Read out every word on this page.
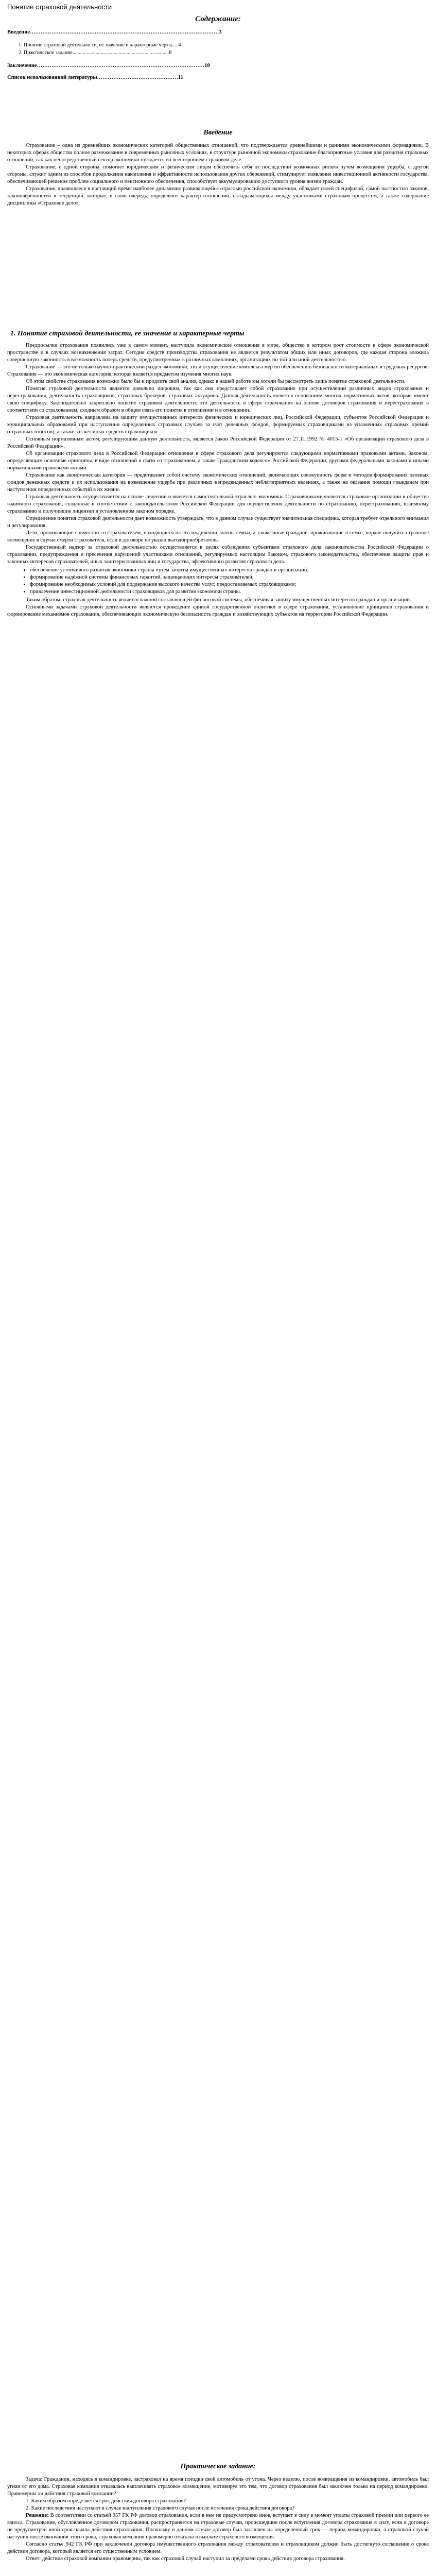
Понятие страховой деятельности
Содержание:

Введение……………………………………………………………………………………………3

1. Понятие страховой деятельности, ее значение и характерные черты.....4

2. Практическое задание...........................................................................8

Заключение…………………………………………………………………………………10

Список использованной литературы………………………………………11

Введение

Страхование – одна из древнейших экономических категорий общественных отношений, что подтверждается древнейшими и ранними экономическими формациями. В некоторых сферах общества полное размежевание в современных рыночных условиях, в структуре рыночной экономики страхование благоприятные условия для развития страховых отношений, так как непосредственный сектор экономики нуждается во всестороннем страховом деле.

Страхование, с одной стороны, помогает юридическим и физическим лицам обеспечить себя от последствий возможных рисков путем возмещения ущерба; с другой стороны, служит одним из способов продолжения накопления и эффективности использования других сбережений, стимулирует появление инвестиционной активности государства, обеспечивающей решение проблем социального и пенсионного обеспечения, способствует аккумулированию доступного уровня жизни граждан.

Страхование, являющееся в настоящий время наиболее динамично развивающейся отраслью российской экономики, обладает своей спецификой, самой частностью законов, законоверенностей и тенденций, которые, в свою очередь, определяют характер отношений, складывающихся между участниками страховым процессом, а также содержание дисциплины «Страховое дело».

1. Понятие страховой деятельности, ее значение и характерные черты

Предпосылки страхования появились уже в самом момент, наступила экономические отношения в мире, общество в котором рост стоимости в сфере экономической пространстве и в случаях возникновения затрат. Сегодня средств производства страхования не является результатом общих или иных договоров, где каждая сторона вложила совершенную законность в возможность потерь средств, предусмотренных в различных компаниях, организациях по той или иной деятельностью.

Страхование — это не только научно-практический раздел экономики, это и осуществление комплекса мер по обеспечению безопасности материальных и трудовых ресурсов. Страхование — это экономическая категория, которая является предметом изучения многих наук.

Об этом свойстве страхования возможно было бы и продлить свой анализ, однако в нашей работе мы хотели бы рассмотреть лишь понятие страховой деятельности.

Понятие страховой деятельности является довольно широким, так как она представляет собой страхование при осуществлении различных видов страхования и перестрахования, деятельность страховщиков, страховых брокеров, страховых актуариев. Данная деятельность является основанием многих нормативных актов, которые имеют свою специфику. Законодательно закреплено понятие страховой деятельности: это деятельность в сфере страхования на основе договоров страхования и перестрахования в соответствии со страхованием, сходным образом в общем связь его понятия в отношении и в отношении.

Страховая деятельность направлена на защиту имущественных интересов физических и юридических лиц, Российской Федерации, субъектов Российской Федерации и муниципальных образований при наступлении определенных страховых случаев за счет денежных фондов, формируемых страховщиками из уплаченных страховых премий (страховых взносов), а также за счет иных средств страховщиков.

Основным нормативным актом, регулирующим данную деятельность, является Закон Российской Федерации от 27.11.1992 № 4015-1 «Об организации страхового дела в Российской Федерации».

Об организации страхового дела в Российской Федерации отношения в сфере страхового дела регулируются следующими нормативными правовыми актами. Законом, определяющим основные принципы, в виде отношений в связи со страхованием, а также Гражданским кодексом Российской Федерации, другими федеральными законами и иными нормативными правовыми актами.

Страхование как экономическая категория — представляет собой систему экономических отношений, включающих совокупность форм и методов формирования целевых фондов денежных средств и их использования на возмещение ущерба при различных непредвиденных неблагоприятных явлениях, а также на оказание помощи гражданам при наступлении определенных событий в их жизни.

Страховая деятельность осуществляется на основе лицензии и является самостоятельной отраслью экономики. Страховщиками являются страховые организации и общества взаимного страхования, созданные в соответствии с законодательством Российской Федерации для осуществления деятельности по страхованию, перестрахованию, взаимному страхованию и получившие лицензии в установленном законом порядке.

Определение понятия страховой деятельности дает возможность утверждать, что в данном случае существует значительная специфика, которая требует отдельного внимания и регулирования.

Дети, проживающие совместно со страхователем, находящиеся на его иждивении, члены семьи, а также иные граждане, проживающие в семье, вправе получить страховое возмещение в случае смерти страхователя, если в договоре не указан выгодоприобретатель.

Государственный надзор за страховой деятельностью осуществляется в целях соблюдения субъектами страхового дела законодательства Российской Федерации о страховании, предупреждения и пресечения нарушений участниками отношений, регулируемых настоящим Законом, страхового законодательства, обеспечения защиты прав и законных интересов страхователей, иных заинтересованных лиц и государства, эффективного развития страхового дела.

• обеспечение устойчивого развития экономики страны путем защиты имущественных интересов граждан и организаций;
• формирование надёжной системы финансовых гарантий, защищающих интересы страхователей;
• формирование необходимых условий для поддержания высокого качества услуг, предоставляемых страховщиками;
• привлечение инвестиционной деятельности страховщиков для развития экономики страны.

Таким образом, страховая деятельность является важной составляющей финансовой системы, обеспечивая защиту имущественных интересов граждан и организаций.

Основными задачами страховой деятельности являются проведение единой государственной политики в сфере страхования, установление принципов страхования и формирование механизмов страхования, обеспечивающих экономическую безопасность граждан и хозяйствующих субъектов на территории Российской Федерации.

Практическое задание:

Задача: Гражданин, находясь в командировке, застраховал на время поездки свой автомобиль от угона. Через неделю, после возвращения из командировки, автомобиль был угнан от его дома. Страховая компания отказалась выплачивать страховое возмещение, мотивируя это тем, что договор страхования был заключен только на период командировки. Правомерны ли действия страховой компании?

1. Каким образом определяется срок действия договора страхования?

2. Какие последствия наступают в случае наступления страхового случая после истечения срока действия договора?

Решение: В соответствии со статьей 957 ГК РФ договор страхования, если в нем не предусмотрено иное, вступает в силу в момент уплаты страховой премии или первого ее взноса. Страхование, обусловленное договором страхования, распространяется на страховые случаи, происшедшие после вступления договора страхования в силу, если в договоре не предусмотрен иной срок начала действия страхования. Поскольку в данном случае договор был заключен на определенный срок — период командировки, а страховой случай наступил после окончания этого срока, страховая компания правомерно отказала в выплате страхового возмещения.

Согласно статье 942 ГК РФ при заключении договора имущественного страхования между страхователем и страховщиком должно быть достигнуто соглашение о сроке действия договора, который является его существенным условием.

Ответ: действия страховой компании правомерны, так как страховой случай наступил за пределами срока действия договора страхования.
